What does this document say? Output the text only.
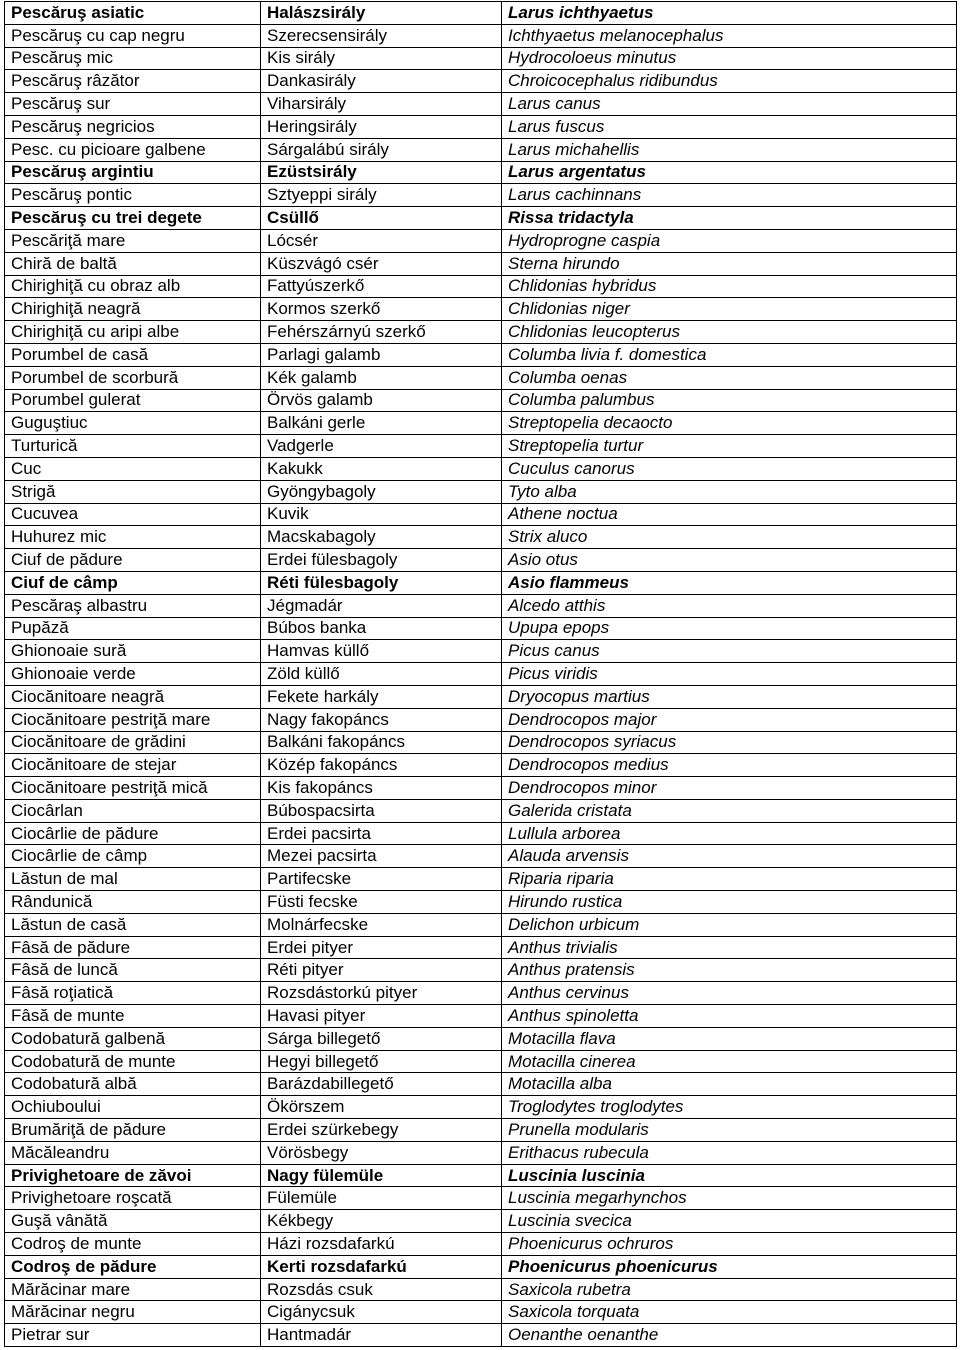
Pescăruş asiatic	Halászsirály	Larus ichthyaetus
Pescăruş cu cap negru	Szerecsensirály	Ichthyaetus melanocephalus
Pescăruş mic	Kis sirály	Hydrocoloeus minutus
Pescăruş râzător	Dankasirály	Chroicocephalus ridibundus
Pescăruş sur	Viharsirály	Larus canus
Pescăruş negricios	Heringsirály	Larus fuscus
Pesc. cu picioare galbene	Sárgalábú sirály	Larus michahellis
Pescăruş argintiu	Ezüstsirály	Larus argentatus
Pescăruş pontic	Sztyeppi sirály	Larus cachinnans
Pescăruş cu trei degete	Csüllő	Rissa tridactyla
Pescăriţă mare	Lócsér	Hydroprogne caspia
Chiră de baltă	Küszvágó csér	Sterna hirundo
Chirighiţă cu obraz alb	Fattyúszerkő	Chlidonias hybridus
Chirighiţă neagră	Kormos szerkő	Chlidonias niger
Chirighiţă cu aripi albe	Fehérszárnyú szerkő	Chlidonias leucopterus
Porumbel de casă	Parlagi galamb	Columba livia f. domestica
Porumbel de scorbură	Kék galamb	Columba oenas
Porumbel gulerat	Örvös galamb	Columba palumbus
Guguştiuc	Balkáni gerle	Streptopelia decaocto
Turturică	Vadgerle	Streptopelia turtur
Cuc	Kakukk	Cuculus canorus
Strigă	Gyöngybagoly	Tyto alba
Cucuvea	Kuvik	Athene noctua
Huhurez mic	Macskabagoly	Strix aluco
Ciuf de pădure	Erdei fülesbagoly	Asio otus
Ciuf de câmp	Réti fülesbagoly	Asio flammeus
Pescăraş albastru	Jégmadár	Alcedo atthis
Pupăză	Búbos banka	Upupa epops
Ghionoaie sură	Hamvas küllő	Picus canus
Ghionoaie verde	Zöld küllő	Picus viridis
Ciocănitoare neagră	Fekete harkály	Dryocopus martius
Ciocănitoare pestriţă mare	Nagy fakopáncs	Dendrocopos major
Ciocănitoare de grădini	Balkáni fakopáncs	Dendrocopos syriacus
Ciocănitoare de stejar	Közép fakopáncs	Dendrocopos medius
Ciocănitoare pestriţă mică	Kis fakopáncs	Dendrocopos minor
Ciocârlan	Búbospacsirta	Galerida cristata
Ciocârlie de pădure	Erdei pacsirta	Lullula arborea
Ciocârlie de câmp	Mezei pacsirta	Alauda arvensis
Lăstun de mal	Partifecske	Riparia riparia
Rândunică	Füsti fecske	Hirundo rustica
Lăstun de casă	Molnárfecske	Delichon urbicum
Fâsă de pădure	Erdei pityer	Anthus trivialis
Fâsă de luncă	Réti pityer	Anthus pratensis
Fâsă roţiatică	Rozsdástorkú pityer	Anthus cervinus
Fâsă de munte	Havasi pityer	Anthus spinoletta
Codobatură galbenă	Sárga billegető	Motacilla flava
Codobatură de munte	Hegyi billegető	Motacilla cinerea
Codobatură albă	Barázdabillegető	Motacilla alba
Ochiuboului	Ökörszem	Troglodytes troglodytes
Brumăriţă de pădure	Erdei szürkebegy	Prunella modularis
Măcăleandru	Vörösbegy	Erithacus rubecula
Privighetoare de zăvoi	Nagy fülemüle	Luscinia luscinia
Privighetoare roşcată	Fülemüle	Luscinia megarhynchos
Guşă vânătă	Kékbegy	Luscinia svecica
Codroş de munte	Házi rozsdafarkú	Phoenicurus ochruros
Codroş de pădure	Kerti rozsdafarkú	Phoenicurus phoenicurus
Mărăcinar mare	Rozsdás csuk	Saxicola rubetra
Mărăcinar negru	Cigánycsuk	Saxicola torquata
Pietrar sur	Hantmadár	Oenanthe oenanthe
